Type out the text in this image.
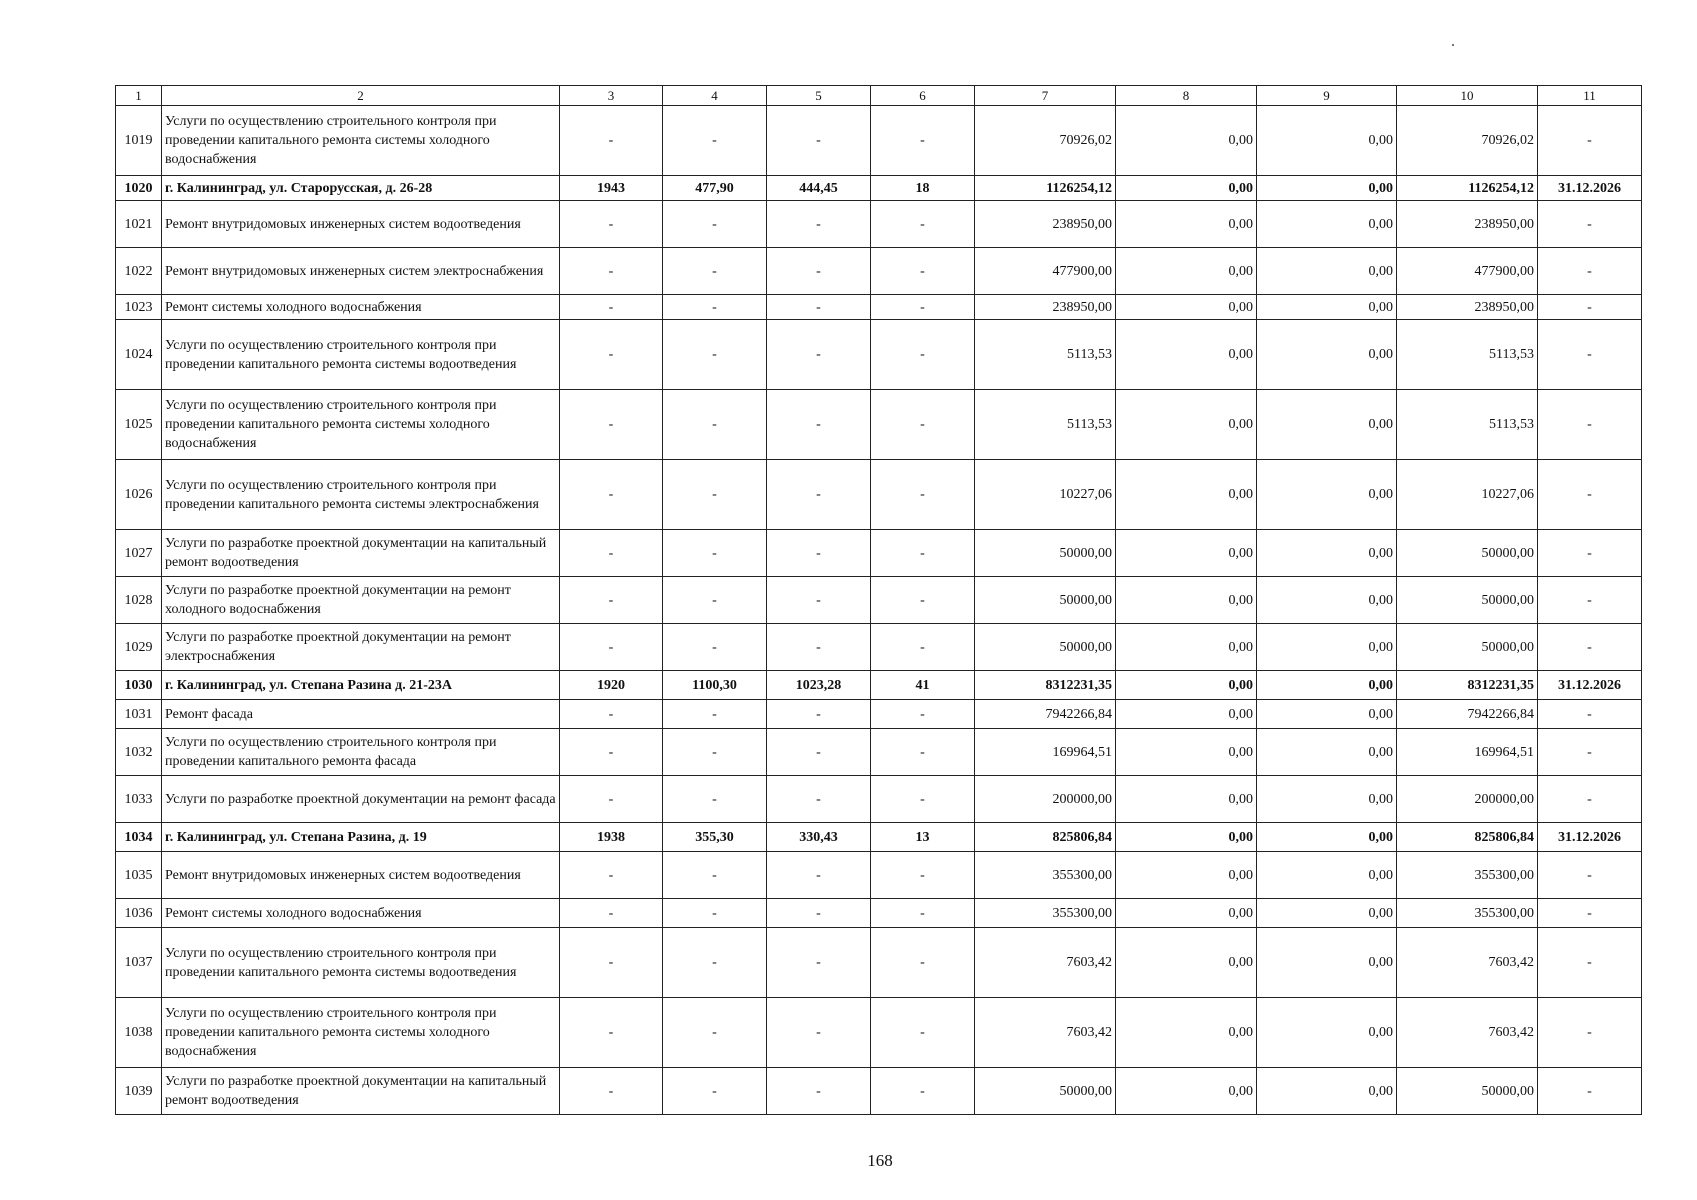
1	2	3	4	5	6	7	8	9	10	11
1019	Услуги по осуществлению строительного контроля при проведении капитального ремонта системы холодного водоснабжения	-	-	-	-	70926,02	0,00	0,00	70926,02	-
1020	г. Калининград, ул. Старорусская, д. 26-28	1943	477,90	444,45	18	1126254,12	0,00	0,00	1126254,12	31.12.2026
1021	Ремонт внутридомовых инженерных систем водоотведения	-	-	-	-	238950,00	0,00	0,00	238950,00	-
1022	Ремонт внутридомовых инженерных систем электроснабжения	-	-	-	-	477900,00	0,00	0,00	477900,00	-
1023	Ремонт системы холодного водоснабжения	-	-	-	-	238950,00	0,00	0,00	238950,00	-
1024	Услуги по осуществлению строительного контроля при проведении капитального ремонта системы водоотведения	-	-	-	-	5113,53	0,00	0,00	5113,53	-
1025	Услуги по осуществлению строительного контроля при проведении капитального ремонта системы холодного водоснабжения	-	-	-	-	5113,53	0,00	0,00	5113,53	-
1026	Услуги по осуществлению строительного контроля при проведении капитального ремонта системы электроснабжения	-	-	-	-	10227,06	0,00	0,00	10227,06	-
1027	Услуги по разработке проектной документации на капитальный ремонт водоотведения	-	-	-	-	50000,00	0,00	0,00	50000,00	-
1028	Услуги по разработке проектной документации на ремонт холодного водоснабжения	-	-	-	-	50000,00	0,00	0,00	50000,00	-
1029	Услуги по разработке проектной документации на ремонт электроснабжения	-	-	-	-	50000,00	0,00	0,00	50000,00	-
1030	г. Калининград, ул. Степана Разина д. 21-23А	1920	1100,30	1023,28	41	8312231,35	0,00	0,00	8312231,35	31.12.2026
1031	Ремонт фасада	-	-	-	-	7942266,84	0,00	0,00	7942266,84	-
1032	Услуги по осуществлению строительного контроля при проведении капитального ремонта фасада	-	-	-	-	169964,51	0,00	0,00	169964,51	-
1033	Услуги по разработке проектной документации на ремонт фасада	-	-	-	-	200000,00	0,00	0,00	200000,00	-
1034	г. Калининград, ул. Степана Разина, д. 19	1938	355,30	330,43	13	825806,84	0,00	0,00	825806,84	31.12.2026
1035	Ремонт внутридомовых инженерных систем водоотведения	-	-	-	-	355300,00	0,00	0,00	355300,00	-
1036	Ремонт системы холодного водоснабжения	-	-	-	-	355300,00	0,00	0,00	355300,00	-
1037	Услуги по осуществлению строительного контроля при проведении капитального ремонта системы водоотведения	-	-	-	-	7603,42	0,00	0,00	7603,42	-
1038	Услуги по осуществлению строительного контроля при проведении капитального ремонта системы холодного водоснабжения	-	-	-	-	7603,42	0,00	0,00	7603,42	-
1039	Услуги по разработке проектной документации на капитальный ремонт водоотведения	-	-	-	-	50000,00	0,00	0,00	50000,00	-
168
